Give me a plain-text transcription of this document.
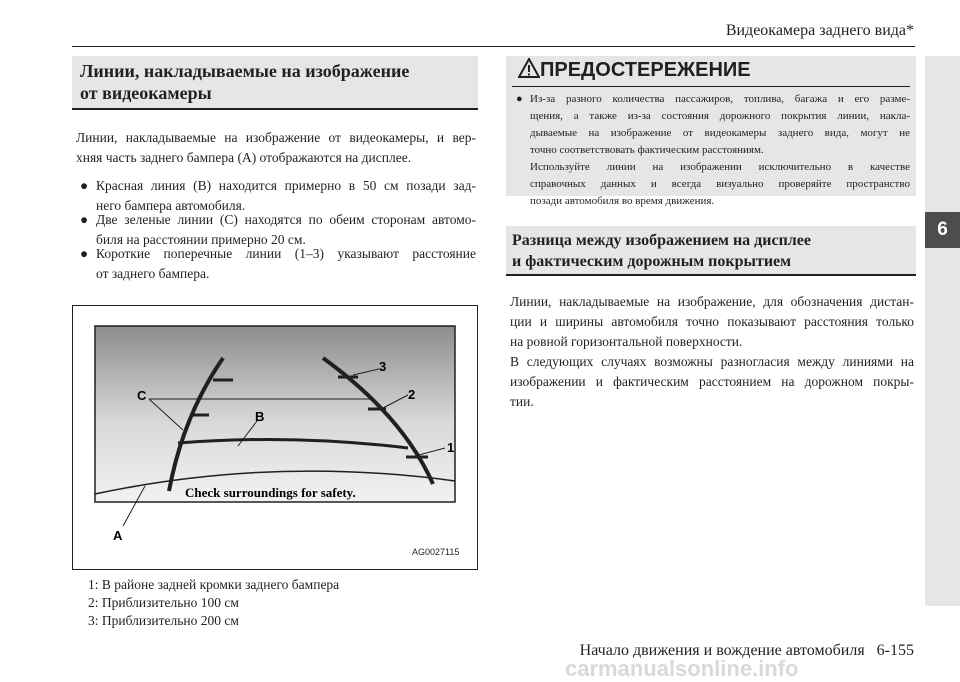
Видеокамера заднего вида*
6
Линии, накладываемые на изображение
от видеокамеры
Линии, накладываемые на изображение от видеокамеры, и вер-
хняя часть заднего бампера (A) отображаются на дисплее.
● Красная линия (B) находится примерно в 50 см позади зад-
него бампера автомобиля.
● Две зеленые линии (C) находятся по обеим сторонам автомо-
биля на расстоянии примерно 20 см.
● Короткие поперечные линии (1–3) указывают расстояние
от заднего бампера.
C
B
3
2
1
A
Check surroundings for safety.
AG0027115
1: В районе задней кромки заднего бампера
2: Приблизительно 100 см
3: Приблизительно 200 см
ПРЕДОСТЕРЕЖЕНИЕ
● Из-за разного количества пассажиров, топлива, багажа и его разме-
щения, а также из-за состояния дорожного покрытия линии, накла-
дываемые на изображение от видеокамеры заднего вида, могут не
точно соответствовать фактическим расстояниям.
Используйте линии на изображении исключительно в качестве
справочных данных и всегда визуально проверяйте пространство
позади автомобиля во время движения.
Разница между изображением на дисплее
и фактическим дорожным покрытием
Линии, накладываемые на изображение, для обозначения дистан-
ции и ширины автомобиля точно показывают расстояния только
на ровной горизонтальной поверхности.
В следующих случаях возможны разногласия между линиями на
изображении и фактическим расстоянием на дорожном покры-
тии.
Начало движения и вождение автомобиля   6-155
carmanualsonline.info
